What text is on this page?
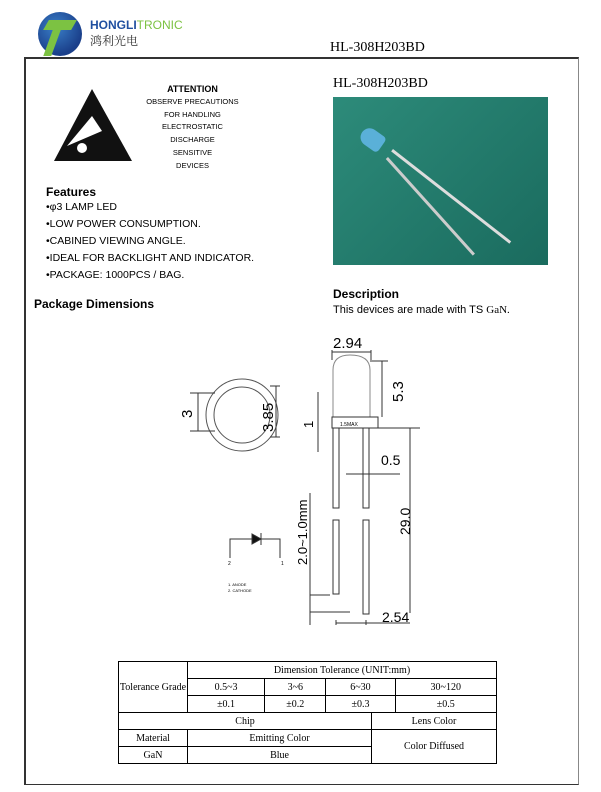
HONGLITRONIC
鸿利光电	HL-308H203BD
ATTENTION
OBSERVE PRECAUTIONS
FOR HANDLING
ELECTROSTATIC
DISCHARGE
SENSITIVE
DEVICES
HL-308H203BD
Features
•φ3 LAMP LED
•LOW POWER CONSUMPTION.
•CABINED VIEWING ANGLE.
•IDEAL FOR BACKLIGHT AND INDICATOR.
•PACKAGE: 1000PCS / BAG.
Package Dimensions
Description
This devices are made with TS GaN.
2.94
5.3
3	3.85 1	1.5MAX
0.5
29.0
2.0~1.0mm
2.54
2	1
1. ANODE
2. CATHODE
Tolerance Grade	Dimension Tolerance (UNIT:mm)			
	0.5~3	3~6	6~30	30~120
	±0.1	±0.2	±0.3	±0.5
Chip		Lens Color
Material	Emitting Color	Color Diffused
GaN	Blue	
